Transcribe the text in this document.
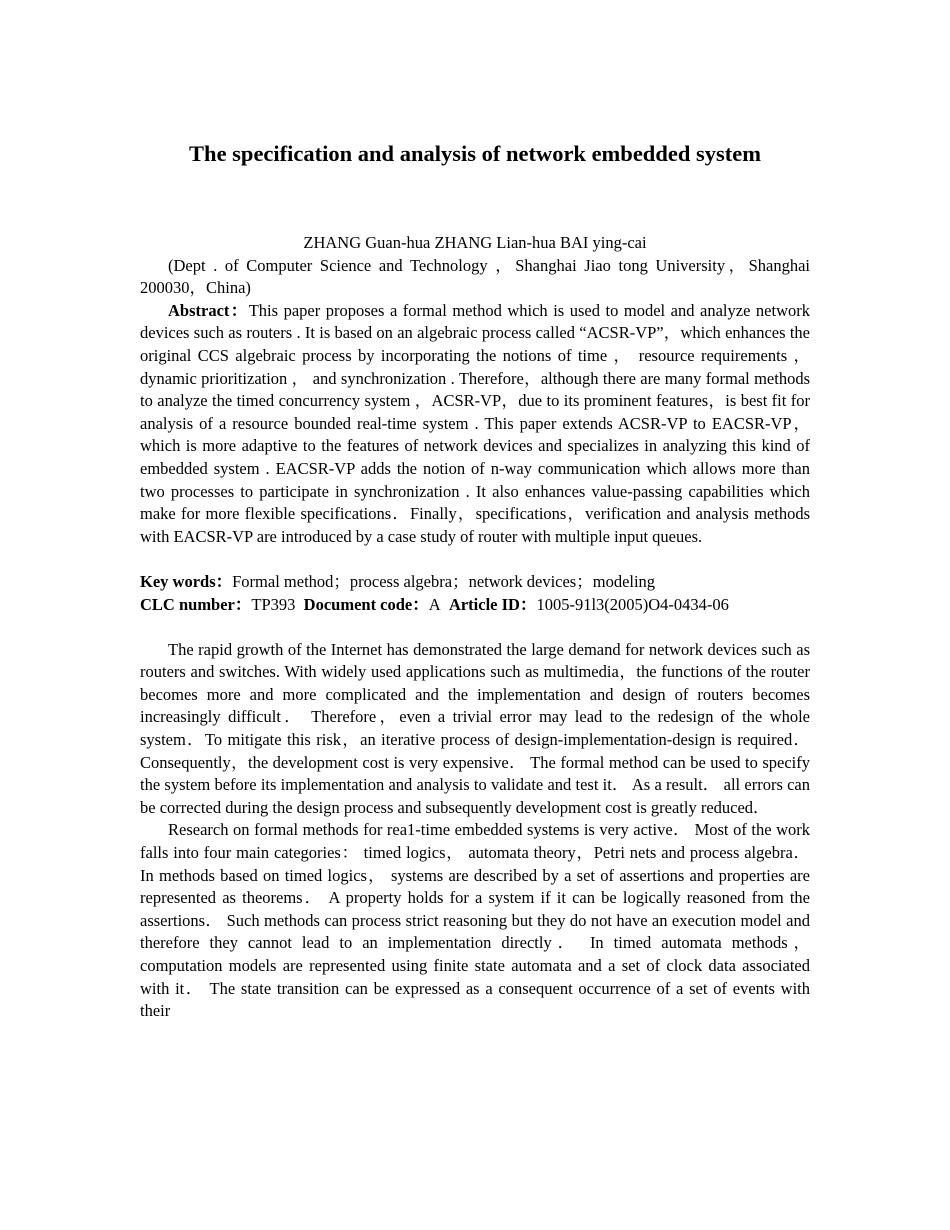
The specification and analysis of network embedded system

ZHANG Guan-hua ZHANG Lian-hua BAI ying-cai

(Dept . of Computer Science and Technology ，Shanghai Jiao tong University，Shanghai 200030，China)

Abstract：This paper proposes a formal method which is used to model and analyze network devices such as routers . It is based on an algebraic process called “ACSR-VP”，which enhances the original CCS algebraic process by incorporating the notions of time ， resource requirements ， dynamic prioritization ， and synchronization . Therefore，although there are many formal methods to analyze the timed concurrency system ，ACSR-VP，due to its prominent features，is best fit for analysis of a resource bounded real-time system . This paper extends ACSR-VP to EACSR-VP，which is more adaptive to the features of network devices and specializes in analyzing this kind of embedded system . EACSR-VP adds the notion of n-way communication which allows more than two processes to participate in synchronization . It also enhances value-passing capabilities which make for more flexible specifications．Finally，specifications，verification and analysis methods with EACSR-VP are introduced by a case study of router with multiple input queues.

Key words：Formal method；process algebra；network devices；modeling

CLC number：TP393 Document code：A Article ID：1005-91l3(2005)O4-0434-06

The rapid growth of the Internet has demonstrated the large demand for network devices such as routers and switches. With widely used applications such as multimedia，the functions of the router becomes more and more complicated and the implementation and design of routers becomes increasingly difficult． Therefore，even a trivial error may lead to the redesign of the whole system．To mitigate this risk，an iterative process of design-implementation-design is required． Consequently，the development cost is very expensive． The formal method can be used to specify the system before its implementation and analysis to validate and test it． As a result． all errors can be corrected during the design process and subsequently development cost is greatly reduced．

Research on formal methods for rea1-time embedded systems is very active． Most of the work falls into four main categories： timed logics， automata theory，Petri nets and process algebra． In methods based on timed logics， systems are described by a set of assertions and properties are represented as theorems． A property holds for a system if it can be logically reasoned from the assertions． Such methods can process strict reasoning but they do not have an execution model and therefore they cannot lead to an implementation directly． In timed automata methods， computation models are represented using finite state automata and a set of clock data associated with it． The state transition can be expressed as a consequent occurrence of a set of events with their
